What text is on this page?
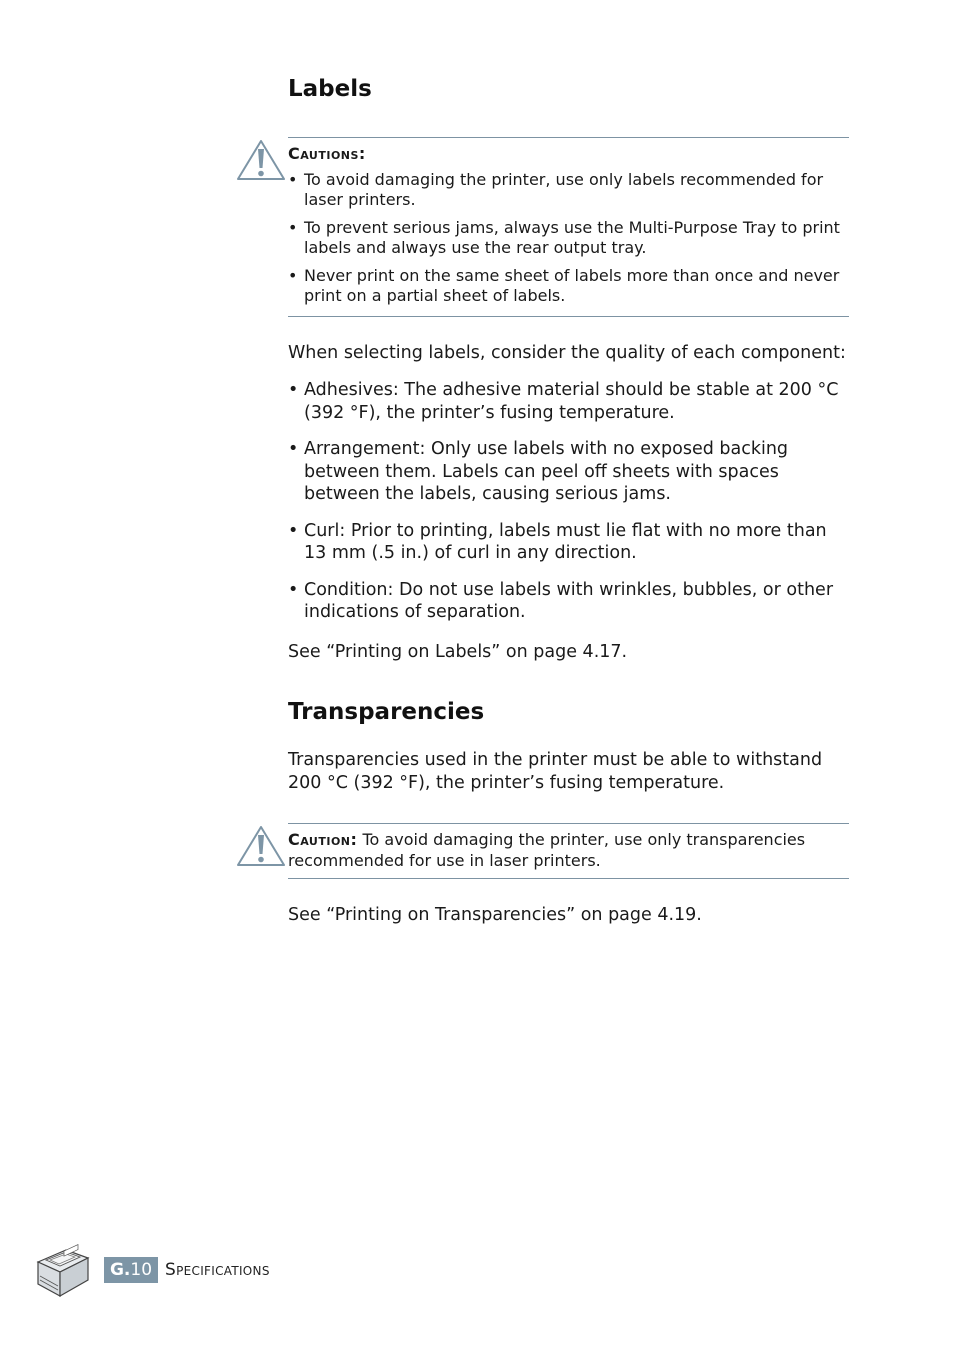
Labels
Cautions:
• To avoid damaging the printer, use only labels recommended for laser printers.
• To prevent serious jams, always use the Multi-Purpose Tray to print labels and always use the rear output tray.
• Never print on the same sheet of labels more than once and never print on a partial sheet of labels.
When selecting labels, consider the quality of each component:
• Adhesives: The adhesive material should be stable at 200 °C (392 °F), the printer’s fusing temperature.
• Arrangement: Only use labels with no exposed backing between them. Labels can peel off sheets with spaces between the labels, causing serious jams.
• Curl: Prior to printing, labels must lie flat with no more than 13 mm (.5 in.) of curl in any direction.
• Condition: Do not use labels with wrinkles, bubbles, or other indications of separation.
See “Printing on Labels” on page 4.17.
Transparencies
Transparencies used in the printer must be able to withstand 200 °C (392 °F), the printer’s fusing temperature.
Caution: To avoid damaging the printer, use only transparencies recommended for use in laser printers.
See “Printing on Transparencies” on page 4.19.
G.10 Specifications
